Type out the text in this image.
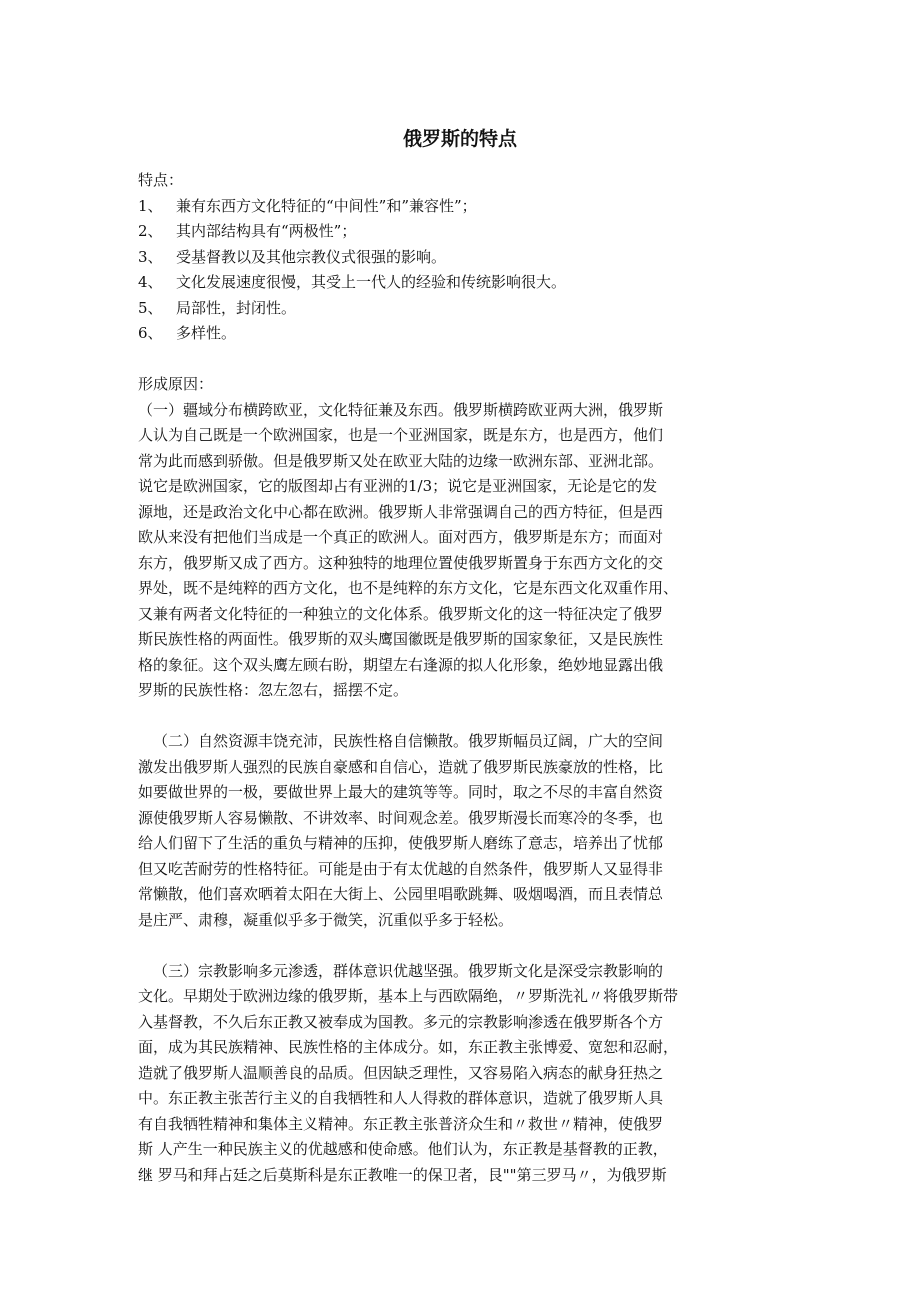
俄罗斯的特点
特点：
1、 兼有东西方文化特征的“中间性”和”兼容性”；
2、 其内部结构具有“两极性”；
3、 受基督教以及其他宗教仪式很强的影响。
4、 文化发展速度很慢，其受上一代人的经验和传统影响很大。
5、 局部性，封闭性。
6、 多样性。
形成原因：
（一）疆域分布横跨欧亚，文化特征兼及东西。俄罗斯横跨欧亚两大洲，俄罗斯
人认为自己既是一个欧洲国家，也是一个亚洲国家，既是东方，也是西方，他们
常为此而感到骄傲。但是俄罗斯又处在欧亚大陆的边缘一欧洲东部、亚洲北部。
说它是欧洲国家，它的版图却占有亚洲的1/3；说它是亚洲国家，无论是它的发
源地，还是政治文化中心都在欧洲。俄罗斯人非常强调自己的西方特征，但是西
欧从来没有把他们当成是一个真正的欧洲人。面对西方，俄罗斯是东方；而面对
东方，俄罗斯又成了西方。这种独特的地理位置使俄罗斯置身于东西方文化的交
界处，既不是纯粹的西方文化，也不是纯粹的东方文化，它是东西文化双重作用、
又兼有两者文化特征的一种独立的文化体系。俄罗斯文化的这一特征决定了俄罗
斯民族性格的两面性。俄罗斯的双头鹰国徽既是俄罗斯的国家象征，又是民族性
格的象征。这个双头鹰左顾右盼，期望左右逢源的拟人化形象，绝妙地显露出俄
罗斯的民族性格：忽左忽右，摇摆不定。
（二）自然资源丰饶充沛，民族性格自信懒散。俄罗斯幅员辽阔，广大的空间
激发出俄罗斯人强烈的民族自豪感和自信心，造就了俄罗斯民族豪放的性格，比
如要做世界的一极，要做世界上最大的建筑等等。同时，取之不尽的丰富自然资
源使俄罗斯人容易懒散、不讲效率、时间观念差。俄罗斯漫长而寒冷的冬季，也
给人们留下了生活的重负与精神的压抑，使俄罗斯人磨练了意志，培养出了忧郁
但又吃苦耐劳的性格特征。可能是由于有太优越的自然条件，俄罗斯人又显得非
常懒散，他们喜欢晒着太阳在大街上、公园里唱歌跳舞、吸烟喝酒，而且表情总
是庄严、肃穆，凝重似乎多于微笑，沉重似乎多于轻松。
（三）宗教影响多元渗透，群体意识优越坚强。俄罗斯文化是深受宗教影响的
文化。早期处于欧洲边缘的俄罗斯，基本上与西欧隔绝，〃罗斯洗礼〃将俄罗斯带
入基督教，不久后东正教又被奉成为国教。多元的宗教影响渗透在俄罗斯各个方
面，成为其民族精神、民族性格的主体成分。如，东正教主张博爱、宽恕和忍耐，
造就了俄罗斯人温顺善良的品质。但因缺乏理性，又容易陷入病态的献身狂热之
中。东正教主张苦行主义的自我牺牲和人人得救的群体意识，造就了俄罗斯人具
有自我牺牲精神和集体主义精神。东正教主张普济众生和〃救世〃精神，使俄罗
斯 人产生一种民族主义的优越感和使命感。他们认为，东正教是基督教的正教，
继 罗马和拜占廷之后莫斯科是东正教唯一的保卫者，艮""第三罗马〃，为俄罗斯
